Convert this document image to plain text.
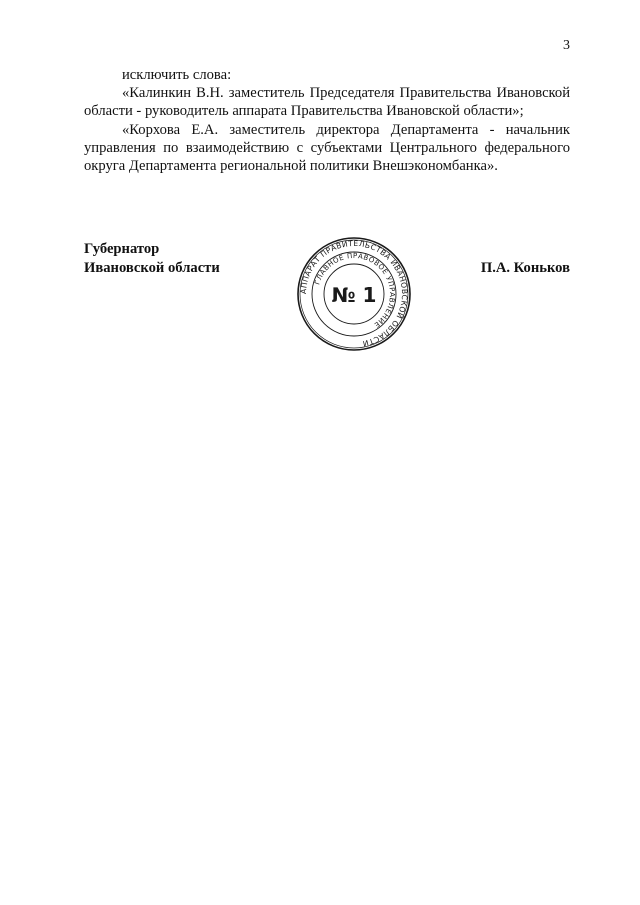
3

исключить слова:

«Калинкин В.Н. заместитель Председателя Правительства Ивановской области - руководитель аппарата Правительства Ивановской области»;

«Корхова Е.А. заместитель директора Департамента - начальник управления по взаимодействию с субъектами Центрального федерального округа Департамента региональной политики Внешэкономбанка».

Губернатор
Ивановской области
АППАРАТ ПРАВИТЕЛЬСТВА ИВАНОВСКОЙ ОБЛАСТИ
ГЛАВНОЕ ПРАВОВОЕ УПРАВЛЕНИЕ
№ 1
П.А. Коньков
